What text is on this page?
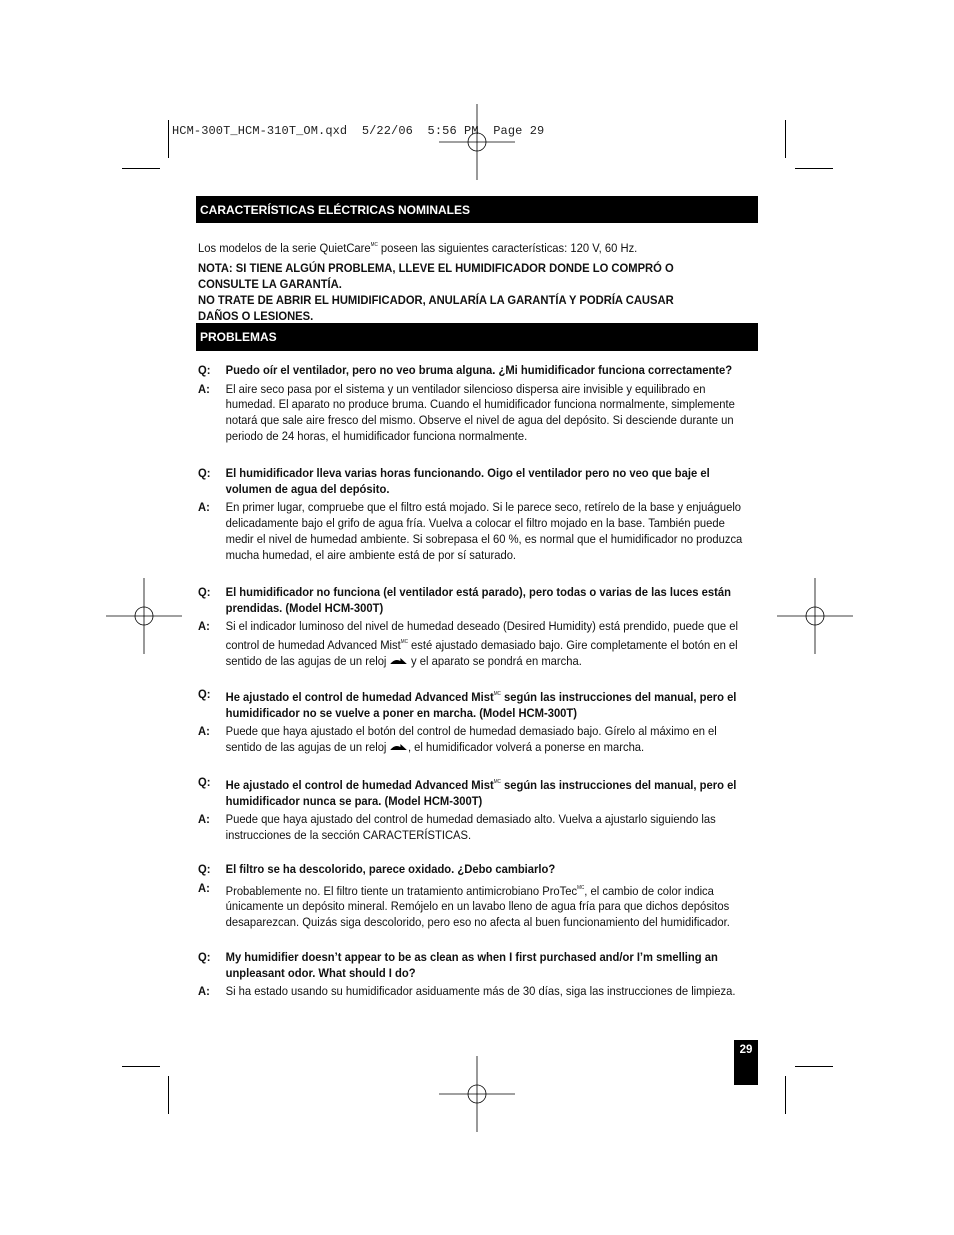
HCM-300T_HCM-310T_OM.qxd  5/22/06  5:56 PM  Page 29
CARACTERÍSTICAS ELÉCTRICAS NOMINALES

Los modelos de la serie QuietCare$^{MC}$ poseen las siguientes características: 120 V, 60 Hz.

NOTA: SI TIENE ALGÚN PROBLEMA, LLEVE EL HUMIDIFICADOR DONDE LO COMPRÓ O CONSULTE LA GARANTÍA.
NO TRATE DE ABRIR EL HUMIDIFICADOR, ANULARÍA LA GARANTÍA Y PODRÍA CAUSAR DAÑOS O LESIONES.

PROBLEMAS
Q:	Puedo oír el ventilador, pero no veo bruma alguna. ¿Mi humidificador funciona correctamente?
A:	El aire seco pasa por el sistema y un ventilador silencioso dispersa aire invisible y equilibrado en humedad. El aparato no produce bruma. Cuando el humidificador funciona normalmente, simplemente notará que sale aire fresco del mismo. Observe el nivel de agua del depósito. Si desciende durante un periodo de 24 horas, el humidificador funciona normalmente.
Q:	El humidificador lleva varias horas funcionando. Oigo el ventilador pero no veo que baje el volumen de agua del depósito.
A:	En primer lugar, compruebe que el filtro está mojado. Si le parece seco, retírelo de la base y enjuáguelo delicadamente bajo el grifo de agua fría. Vuelva a colocar el filtro mojado en la base. También puede medir el nivel de humedad ambiente. Si sobrepasa el 60 %, es normal que el humidificador no produzca mucha humedad, el aire ambiente está de por sí saturado.
Q:	El humidificador no funciona (el ventilador está parado), pero todas o varias de las luces están prendidas. (Model HCM-300T)
A:	Si el indicador luminoso del nivel de humedad deseado (Desired Humidity) está prendido, puede que el control de humedad Advanced Mist$^{MC}$ esté ajustado demasiado bajo. Gire completamente el botón en el sentido de las agujas de un reloj  y el aparato se pondrá en marcha.
Q:	He ajustado el control de humedad Advanced Mist$^{MC}$ según las instrucciones del manual, pero el humidificador no se vuelve a poner en marcha. (Model HCM-300T)
A:	Puede que haya ajustado el botón del control de humedad demasiado bajo. Gírelo al máximo en el sentido de las agujas de un reloj , el humidificador volverá a ponerse en marcha.
Q:	He ajustado el control de humedad Advanced Mist$^{MC}$ según las instrucciones del manual, pero el humidificador nunca se para. (Model HCM-300T)
A:	Puede que haya ajustado del control de humedad demasiado alto. Vuelva a ajustarlo siguiendo las instrucciones de la sección CARACTERÍSTICAS.
Q:	El filtro se ha descolorido, parece oxidado. ¿Debo cambiarlo?
A:	Probablemente no. El filtro tiente un tratamiento antimicrobiano ProTec$^{MC}$, el cambio de color indica únicamente un depósito mineral. Remójelo en un lavabo lleno de agua fría para que dichos depósitos desaparezcan. Quizás siga descolorido, pero eso no afecta al buen funcionamiento del humidificador.
Q:	My humidifier doesn’t appear to be as clean as when I first purchased and/or I’m smelling an unpleasant odor. What should I do?
A:	Si ha estado usando su humidificador asiduamente más de 30 días, siga las instrucciones de limpieza.
29
